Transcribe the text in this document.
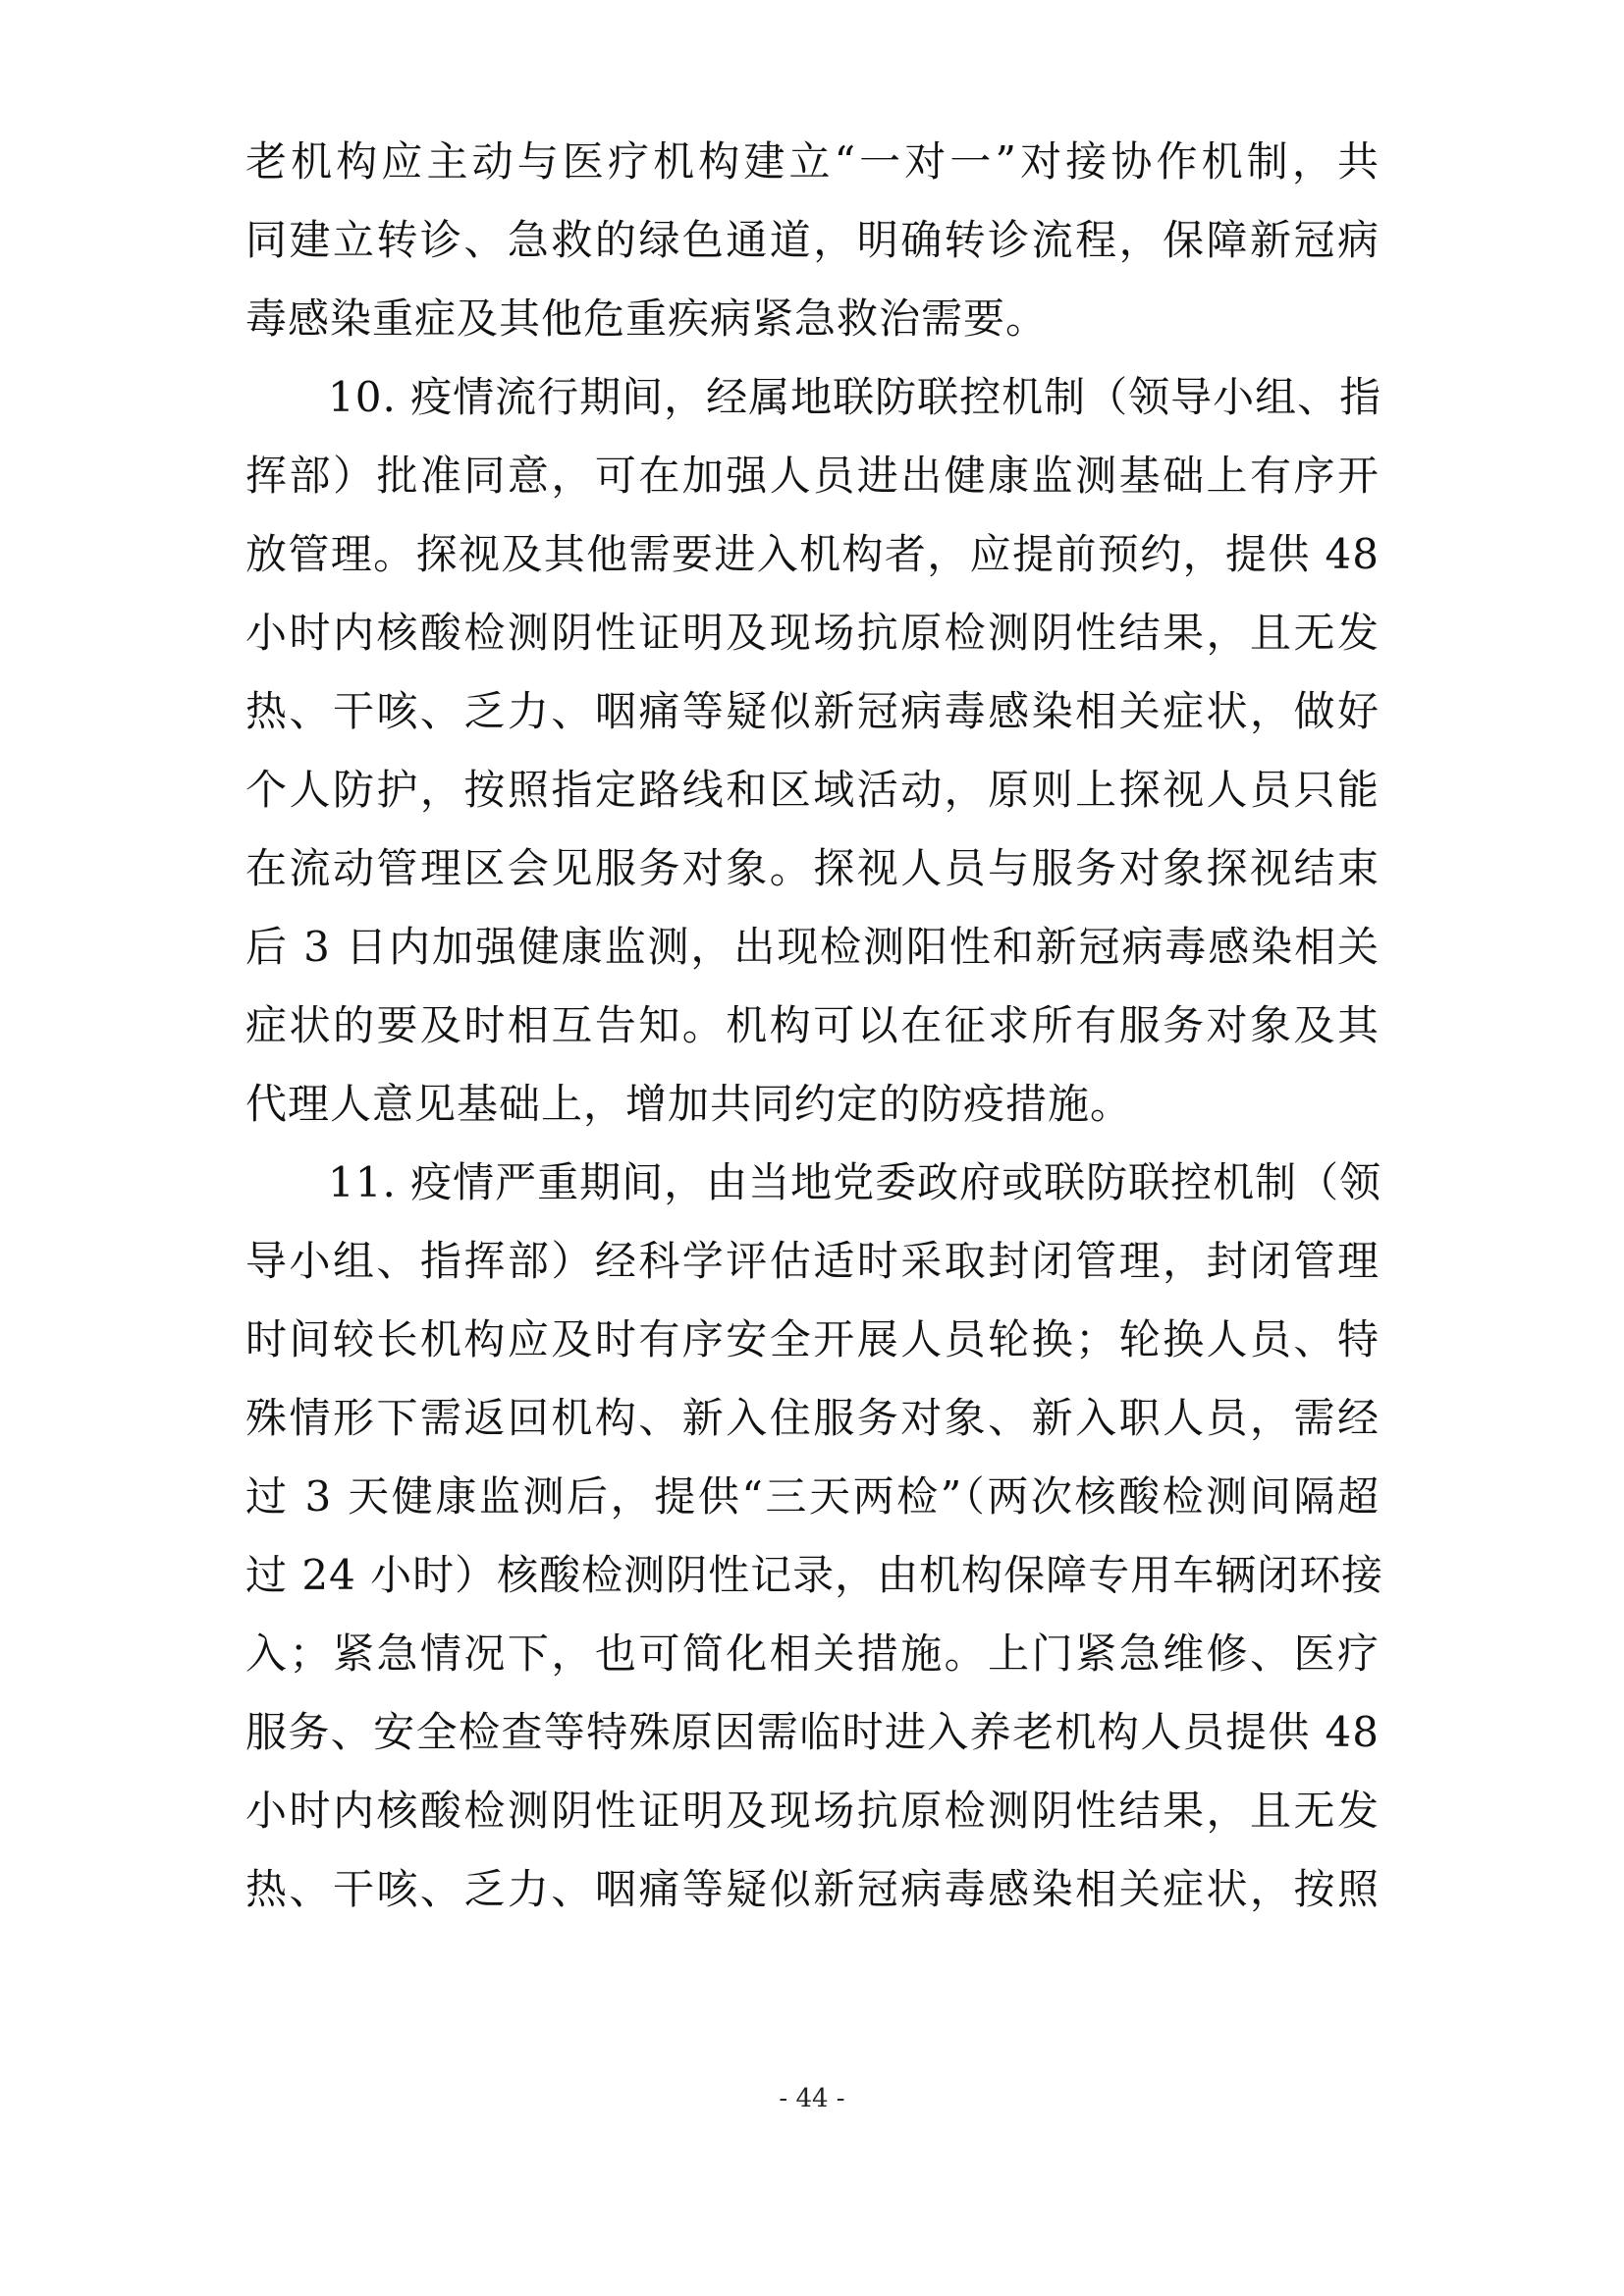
老机构应主动与医疗机构建立“一对一”对接协作机制，共
同建立转诊、急救的绿色通道，明确转诊流程，保障新冠病
毒感染重症及其他危重疾病紧急救治需要。
10. 疫情流行期间，经属地联防联控机制（领导小组、指
挥部）批准同意，可在加强人员进出健康监测基础上有序开
放管理。探视及其他需要进入机构者，应提前预约，提供 48
小时内核酸检测阴性证明及现场抗原检测阴性结果，且无发
热、干咳、乏力、咽痛等疑似新冠病毒感染相关症状，做好
个人防护，按照指定路线和区域活动，原则上探视人员只能
在流动管理区会见服务对象。探视人员与服务对象探视结束
后 3 日内加强健康监测，出现检测阳性和新冠病毒感染相关
症状的要及时相互告知。机构可以在征求所有服务对象及其
代理人意见基础上，增加共同约定的防疫措施。
11. 疫情严重期间，由当地党委政府或联防联控机制（领
导小组、指挥部）经科学评估适时采取封闭管理，封闭管理
时间较长机构应及时有序安全开展人员轮换；轮换人员、特
殊情形下需返回机构、新入住服务对象、新入职人员，需经
过 3 天健康监测后，提供“三天两检”（两次核酸检测间隔超
过 24 小时）核酸检测阴性记录，由机构保障专用车辆闭环接
入；紧急情况下，也可简化相关措施。上门紧急维修、医疗
服务、安全检查等特殊原因需临时进入养老机构人员提供 48
小时内核酸检测阴性证明及现场抗原检测阴性结果，且无发
热、干咳、乏力、咽痛等疑似新冠病毒感染相关症状，按照
- 44 -
